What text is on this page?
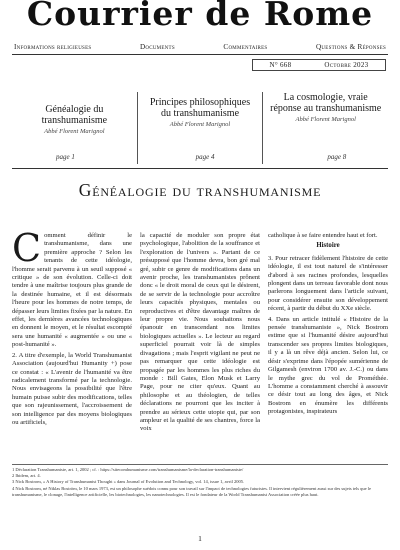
Courrier de Rome
Informations religieuses	Documents	Commentaires	Questions & Réponses
N° 668	Octobre 2023
Généalogie du transhumanisme
Abbé Florent Marignol
page 1
Principes philosophiques du transhumanisme
Abbé Florent Marignol
page 4
La cosmologie, vraie réponse au transhumanisme
Abbé Florent Marignol
page 8
Généalogie du transhumanisme

Comment définir le transhumanisme, dans une première approche ? Selon les tenants de cette idéologie, l'homme serait parvenu à un seuil supposé « critique » de son évolution. Celle-ci doit tendre à une maîtrise toujours plus grande de la destinée humaine, et il est désormais l'heure pour les hommes de notre temps, de dépasser leurs limites fixées par la nature. En effet, les dernières avancées technologiques en donnent le moyen, et le résultat escompté sera une humanité « augmentée » ou une « post-humanité ».

2. A titre d'exemple, la World Transhumanist Association (aujourd'hui Humanity +) pose ce constat : « L'avenir de l'humanité va être radicalement transformé par la technologie. Nous envisageons la possibilité que l'être humain puisse subir des modifications, telles que son rajeunissement, l'accroissement de son intelligence par des moyens biologiques ou artificiels,

la capacité de moduler son propre état psychologique, l'abolition de la souffrance et l'exploration de l'univers ». Partant de ce présupposé que l'homme devra, bon gré mal gré, subir ce genre de modifications dans un avenir proche, les transhumanistes prônent donc « le droit moral de ceux qui le désirent, de se servir de la technologie pour accroître leurs capacités physiques, mentales ou reproductives et d'être davantage maîtres de leur propre vie. Nous souhaitons nous épanouir en transcendant nos limites biologiques actuelles ». Le lecteur au regard superficiel pourrait voir là de simples divagations ; mais l'esprit vigilant ne peut ne pas remarquer que cette idéologie est propagée par les hommes les plus riches du monde : Bill Gates, Elon Musk et Larry Page, pour ne citer qu'eux. Quant au philosophe et au théologien, de telles déclarations ne pourront que les inciter à prendre au sérieux cette utopie qui, par son ampleur et la qualité de ses chantres, force la voix

catholique à se faire entendre haut et fort.

Histoire

3. Pour retracer fidèlement l'histoire de cette idéologie, il est tout naturel de s'intéresser d'abord à ses racines profondes, lesquelles plongent dans un terreau favorable dont nous parlerons longuement dans l'article suivant, pour considérer ensuite son développement récent, à partir du début du XXe siècle.

4. Dans un article intitulé « Histoire de la pensée transhumaniste », Nick Bostrom estime que si l'humanité désire aujourd'hui transcender ses propres limites biologiques, il y a là un rêve déjà ancien. Selon lui, ce désir s'exprime dans l'épopée sumérienne de Gilgamesh (environ 1700 av. J.-C.) ou dans le mythe grec du vol de Prométhée. L'homme a constamment cherché à assouvir ce désir tout au long des âges, et Nick Bostrom en énumère les différents protagonistes, inspirateurs

1 Déclaration Transhumaniste, art. 1, 2002 ; cf. : https://sitecomhumanisme.com/transhumanisme/la-declaration-transhumaniste/
2 Ibidem, art. 4.
3 Nick Bostrom, « A History of Transhumanist Thought » dans Journal of Evolution and Technology, vol. 14, issue 1, avril 2005.
4 Nick Bostrom, né Niklas Boström, le 10 mars 1973, est un philosophe suédois connu pour son travail sur l'impact de technologies futuristes. Il intervient régulièrement aussi sur des sujets tels que le transhumanisme, le clonage, l'intelligence artificielle, les biotechnologies, les nanotechnologies. Il est le fondateur de la World Transhumanist Association créée plus haut.
1
